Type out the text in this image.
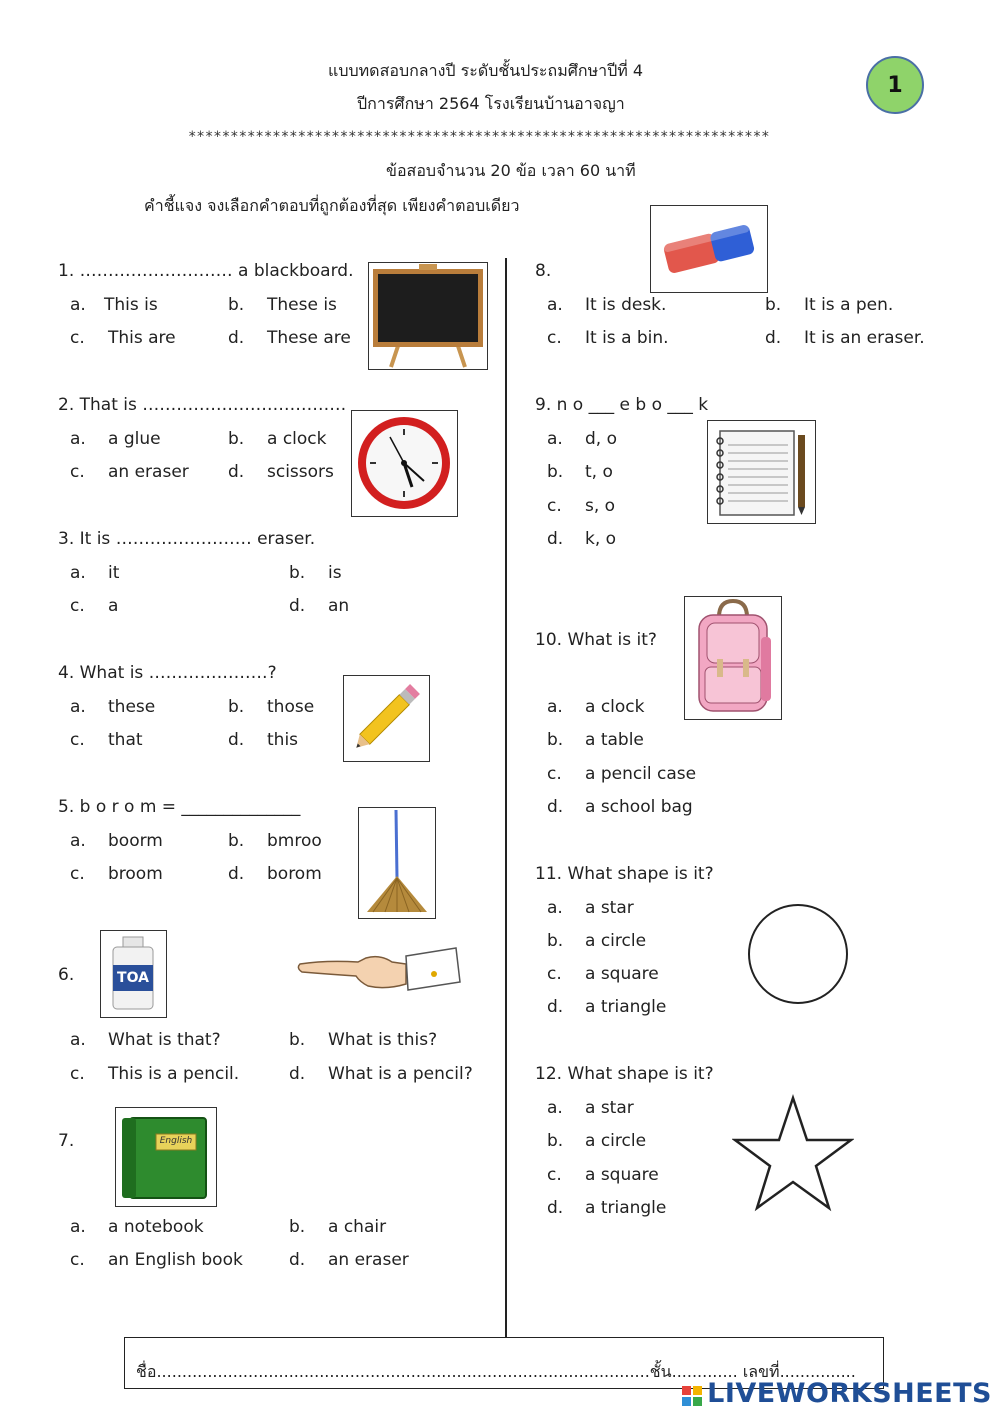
แบบทดสอบกลางปี ระดับชั้นประถมศึกษาปีที่ 4
ปีการศึกษา 2564 โรงเรียนบ้านอาจญา
*********************************************************************
ข้อสอบจำนวน 20 ข้อ เวลา 60 นาที
คำชี้แจง จงเลือกคำตอบที่ถูกต้องที่สุด เพียงคำตอบเดียว
1
1. ……………………… a blackboard.
a. This is	b. These is
c. This are	d. These are
2. That is ………………………………
a. a glue	b. a clock
c. an eraser d. scissors
3. It is …………………… eraser.
a. it	b. is
c. a	d. an
4. What is …………………?
a. these	b. those
c. that	d. this
5. b o r o m = ______________
a. boorm	b. bmroo
c. broom	d. borom
6.	TOA
a. What is that?	b. What is this?
c. This is a pencil.	d. What is a pencil?
7.	English
a. a notebook	b. a chair
c. an English book	d. an eraser
8.
a. It is desk.	b. It is a pen.
c. It is a bin.	d. It is an eraser.
9. n o ___ e b o ___ k
a. d, o
b. t, o
c. s, o
d. k, o
10. What is it?
a. a clock
b. a table
c. a pencil case
d. a school bag
11. What shape is it?
a. a star
b. a circle
c. a square
d. a triangle
12. What shape is it?
a. a star
b. a circle
c. a square
d. a triangle
ชื่อ.................................................................................................ชั้น............. เลขที่...............
LIVEWORKSHEETS
